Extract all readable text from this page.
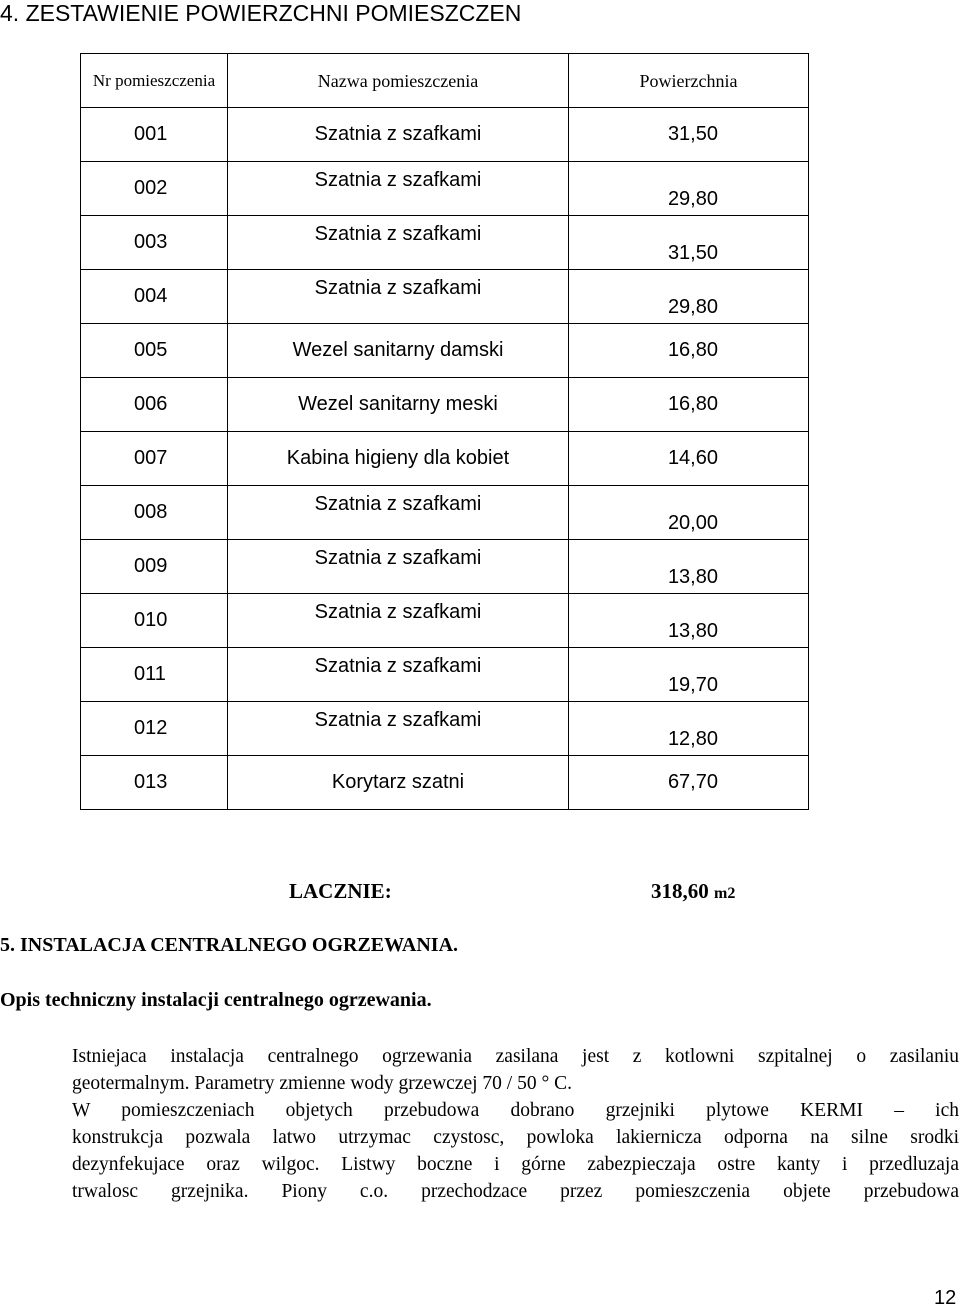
4. ZESTAWIENIE POWIERZCHNI POMIESZCZEN
Nr pomieszczenia	Nazwa pomieszczenia	Powierzchnia
001	Szatnia z szafkami	31,50
002	Szatnia z szafkami	29,80
003	Szatnia z szafkami	31,50
004	Szatnia z szafkami	29,80
005	Wezel sanitarny damski	16,80
006	Wezel sanitarny meski	16,80
007	Kabina higieny dla kobiet	14,60
008	Szatnia z szafkami	20,00
009	Szatnia z szafkami	13,80
010	Szatnia z szafkami	13,80
011	Szatnia z szafkami	19,70
012	Szatnia z szafkami	12,80
013	Korytarz szatni	67,70
LACZNIE:	318,60 m2
5. INSTALACJA CENTRALNEGO OGRZEWANIA.
Opis techniczny instalacji centralnego ogrzewania.
Istniejaca instalacja centralnego ogrzewania zasilana jest z kotlowni szpitalnej o zasilaniu
geotermalnym. Parametry zmienne wody grzewczej 70 / 50 ° C.
W pomieszczeniach objetych przebudowa dobrano grzejniki plytowe KERMI – ich
konstrukcja pozwala latwo utrzymac czystosc, powloka lakiernicza odporna na silne srodki
dezynfekujace oraz wilgoc. Listwy boczne i górne zabezpieczaja ostre kanty i przedluzaja
trwalosc grzejnika. Piony c.o. przechodzace przez pomieszczenia objete przebudowa
12
